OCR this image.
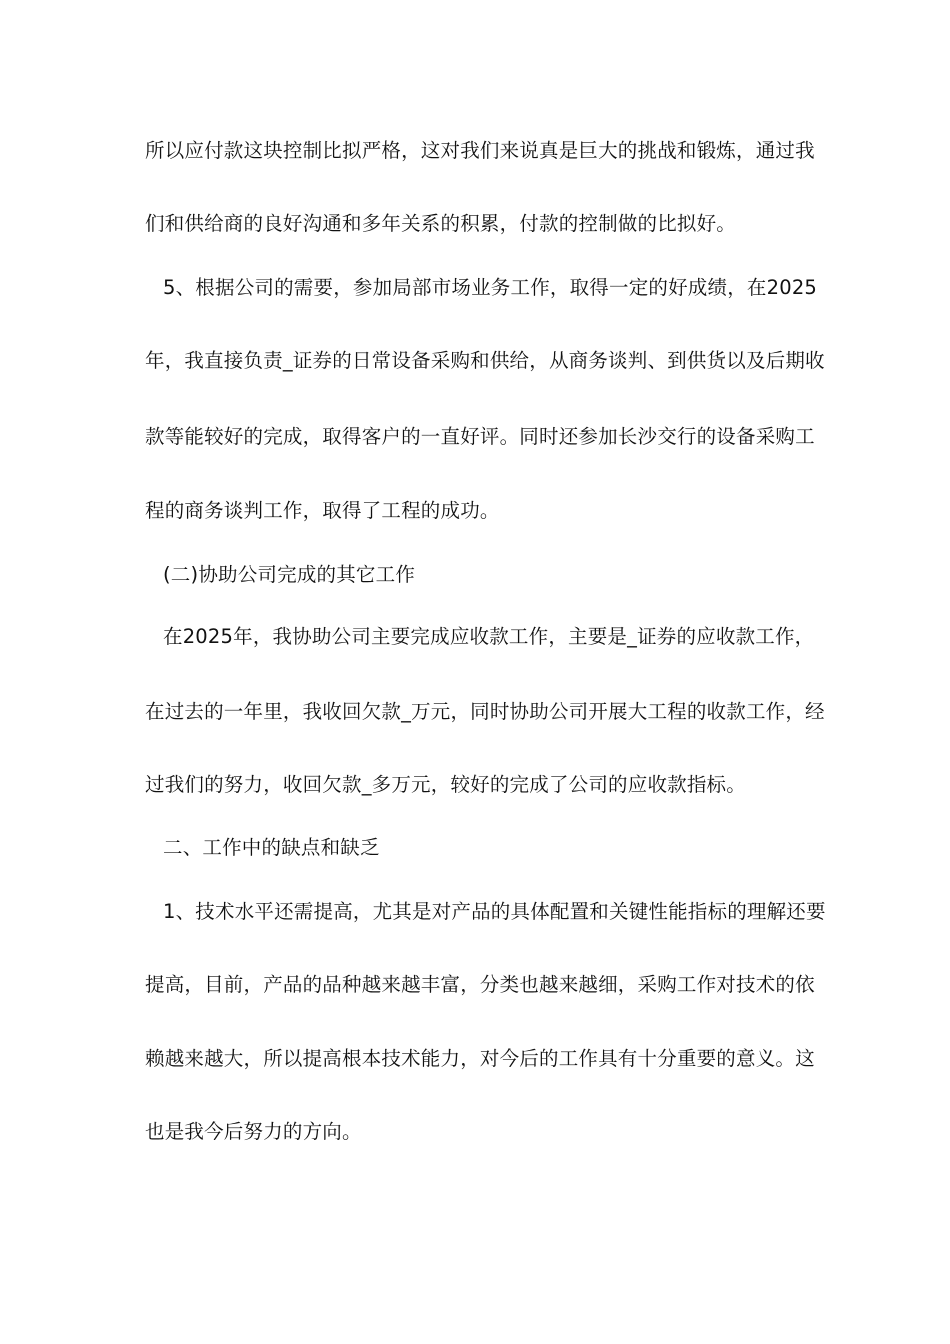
所以应付款这块控制比拟严格，这对我们来说真是巨大的挑战和锻炼，通过我
们和供给商的良好沟通和多年关系的积累，付款的控制做的比拟好。
5、根据公司的需要，参加局部市场业务工作，取得一定的好成绩，在2025
年，我直接负责_证券的日常设备采购和供给，从商务谈判、到供货以及后期收
款等能较好的完成，取得客户的一直好评。同时还参加长沙交行的设备采购工
程的商务谈判工作，取得了工程的成功。
(二)协助公司完成的其它工作
在2025年，我协助公司主要完成应收款工作，主要是_证券的应收款工作，
在过去的一年里，我收回欠款_万元，同时协助公司开展大工程的收款工作，经
过我们的努力，收回欠款_多万元，较好的完成了公司的应收款指标。
二、工作中的缺点和缺乏
1、技术水平还需提高，尤其是对产品的具体配置和关键性能指标的理解还要
提高，目前，产品的品种越来越丰富，分类也越来越细，采购工作对技术的依
赖越来越大，所以提高根本技术能力，对今后的工作具有十分重要的意义。这
也是我今后努力的方向。
